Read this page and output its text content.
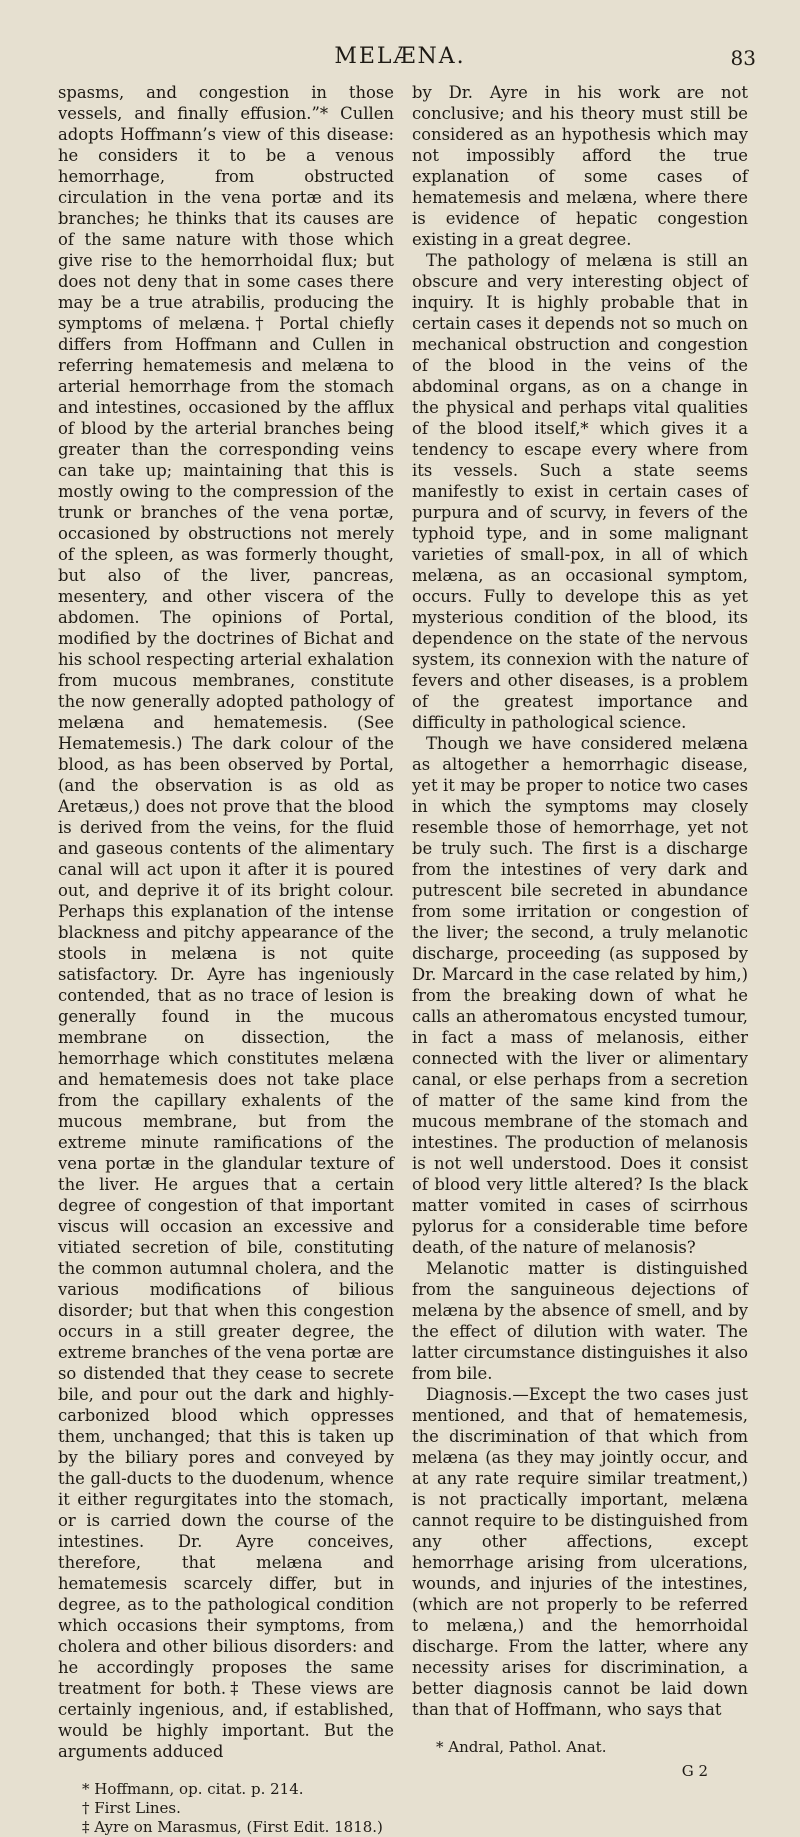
MELÆNA.	83

spasms, and congestion in those vessels, and finally effusion.”* Cullen adopts Hoffmann’s view of this disease: he considers it to be a venous hemorrhage, from obstructed circulation in the vena portæ and its branches; he thinks that its causes are of the same nature with those which give rise to the hemorrhoidal flux; but does not deny that in some cases there may be a true atrabilis, producing the symptoms of melæna.† Portal chiefly differs from Hoffmann and Cullen in referring hematemesis and melæna to arterial hemorrhage from the stomach and intestines, occasioned by the afflux of blood by the arterial branches being greater than the corresponding veins can take up; maintaining that this is mostly owing to the compression of the trunk or branches of the vena portæ, occasioned by obstructions not merely of the spleen, as was formerly thought, but also of the liver, pancreas, mesentery, and other viscera of the abdomen. The opinions of Portal, modified by the doctrines of Bichat and his school respecting arterial exhalation from mucous membranes, constitute the now generally adopted pathology of melæna and hematemesis. (See Hematemesis.) The dark colour of the blood, as has been observed by Portal, (and the observation is as old as Aretæus,) does not prove that the blood is derived from the veins, for the fluid and gaseous contents of the alimentary canal will act upon it after it is poured out, and deprive it of its bright colour. Perhaps this explanation of the intense blackness and pitchy appearance of the stools in melæna is not quite satisfactory. Dr. Ayre has ingeniously contended, that as no trace of lesion is generally found in the mucous membrane on dissection, the hemorrhage which constitutes melæna and hematemesis does not take place from the capillary exhalents of the mucous membrane, but from the extreme minute ramifications of the vena portæ in the glandular texture of the liver. He argues that a certain degree of congestion of that important viscus will occasion an excessive and vitiated secretion of bile, constituting the common autumnal cholera, and the various modifications of bilious disorder; but that when this congestion occurs in a still greater degree, the extreme branches of the vena portæ are so distended that they cease to secrete bile, and pour out the dark and highly-carbonized blood which oppresses them, unchanged; that this is taken up by the biliary pores and conveyed by the gall-ducts to the duodenum, whence it either regurgitates into the stomach, or is carried down the course of the intestines. Dr. Ayre conceives, therefore, that melæna and hematemesis scarcely differ, but in degree, as to the pathological condition which occasions their symptoms, from cholera and other bilious disorders: and he accordingly proposes the same treatment for both.‡ These views are certainly ingenious, and, if established, would be highly important. But the arguments adduced

* Hoffmann, op. citat. p. 214.

† First Lines.

‡ Ayre on Marasmus, (First Edit. 1818.)

by Dr. Ayre in his work are not conclusive; and his theory must still be considered as an hypothesis which may not impossibly afford the true explanation of some cases of hematemesis and melæna, where there is evidence of hepatic congestion existing in a great degree.

The pathology of melæna is still an obscure and very interesting object of inquiry. It is highly probable that in certain cases it depends not so much on mechanical obstruction and congestion of the blood in the veins of the abdominal organs, as on a change in the physical and perhaps vital qualities of the blood itself,* which gives it a tendency to escape every where from its vessels. Such a state seems manifestly to exist in certain cases of purpura and of scurvy, in fevers of the typhoid type, and in some malignant varieties of small-pox, in all of which melæna, as an occasional symptom, occurs. Fully to develope this as yet mysterious condition of the blood, its dependence on the state of the nervous system, its connexion with the nature of fevers and other diseases, is a problem of the greatest importance and difficulty in pathological science.

Though we have considered melæna as altogether a hemorrhagic disease, yet it may be proper to notice two cases in which the symptoms may closely resemble those of hemorrhage, yet not be truly such. The first is a discharge from the intestines of very dark and putrescent bile secreted in abundance from some irritation or congestion of the liver; the second, a truly melanotic discharge, proceeding (as supposed by Dr. Marcard in the case related by him,) from the breaking down of what he calls an atheromatous encysted tumour, in fact a mass of melanosis, either connected with the liver or alimentary canal, or else perhaps from a secretion of matter of the same kind from the mucous membrane of the stomach and intestines. The production of melanosis is not well understood. Does it consist of blood very little altered? Is the black matter vomited in cases of scirrhous pylorus for a considerable time before death, of the nature of melanosis?

Melanotic matter is distinguished from the sanguineous dejections of melæna by the absence of smell, and by the effect of dilution with water. The latter circumstance distinguishes it also from bile.

Diagnosis.—Except the two cases just mentioned, and that of hematemesis, the discrimination of that which from melæna (as they may jointly occur, and at any rate require similar treatment,) is not practically important, melæna cannot require to be distinguished from any other affections, except hemorrhage arising from ulcerations, wounds, and injuries of the intestines, (which are not properly to be referred to melæna,) and the hemorrhoidal discharge. From the latter, where any necessity arises for discrimination, a better diagnosis cannot be laid down than that of Hoffmann, who says that

* Andral, Pathol. Anat.

G 2
